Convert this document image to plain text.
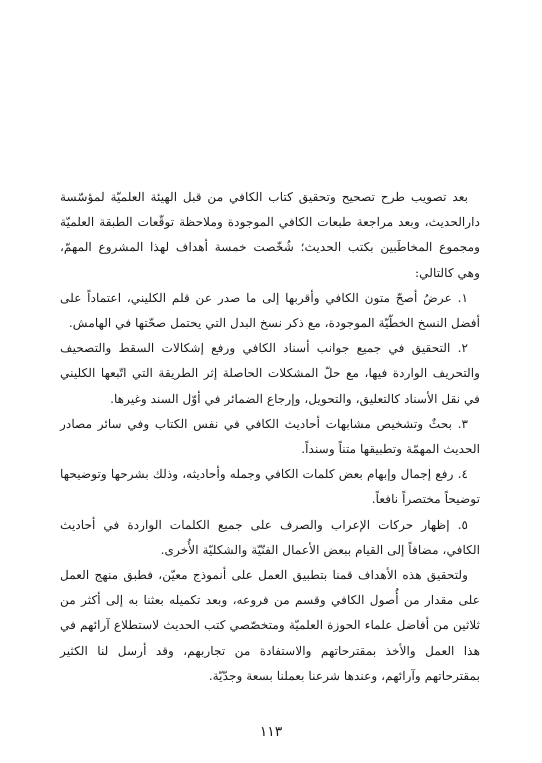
بعد تصويب طرح تصحيح وتحقيق كتاب الكافي من قبل الهيئة العلميّة لمؤسّسة دارالحديث، وبعد مراجعة طبعات الكافي الموجودة وملاحظة توقّعات الطبقة العلميّة ومجموع المخاطَبين بكتب الحديث؛ شُخّصت خمسة أهداف لهذا المشروع المهمّ، وهي كالتالي:

١. عرضُ أصحّ متون الكافي وأقربها إلى ما صدر عن قلم الكليني، اعتماداً على أفضل النسخ الخطّيّة الموجودة، مع ذكر نسخ البدل التي يحتمل صحّتها في الهامش.

٢. التحقيق في جميع جوانب أسناد الكافي ورفع إشكالات السقط والتصحيف والتحريف الواردة فيها، مع حلّ المشكلات الحاصلة إثر الطريقة التي اتّبعها الكليني في نقل الأسناد كالتعليق، والتحويل، وإرجاع الضمائر في أوّل السند وغيرها.

٣. بحثٌ وتشخيص مشابهات أحاديث الكافي في نفس الكتاب وفي سائر مصادر الحديث المهمّة وتطبيقها متناً وسنداً.

٤. رفع إجمال وإبهام بعض كلمات الكافي وجمله وأحاديثه، وذلك بشرحها وتوضيحها توضيحاً مختصراً نافعاً.

٥. إظهار حركات الإعراب والصرف على جميع الكلمات الواردة في أحاديث الكافي، مضافاً إلى القيام ببعض الأعمال الفنّيّة والشكليّة الأُخرى.

ولتحقيق هذه الأهداف قمنا بتطبيق العمل على أنموذج معيّن، فطبق منهج العمل على مقدار من أُصول الكافي وقسم من فروعه، وبعد تكميله بعثنا به إلى أكثر من ثلاثين من أفاضل علماء الحوزة العلميّة ومتخصّصي كتب الحديث لاستطلاع آرائهم في هذا العمل والأخذ بمقترحاتهم والاستفادة من تجاربهم، وقد أرسل لنا الكثير بمقترحاتهم وآرائهم، وعندها شرعنا بعملنا بسعة وجدّيّة.

١١٣
